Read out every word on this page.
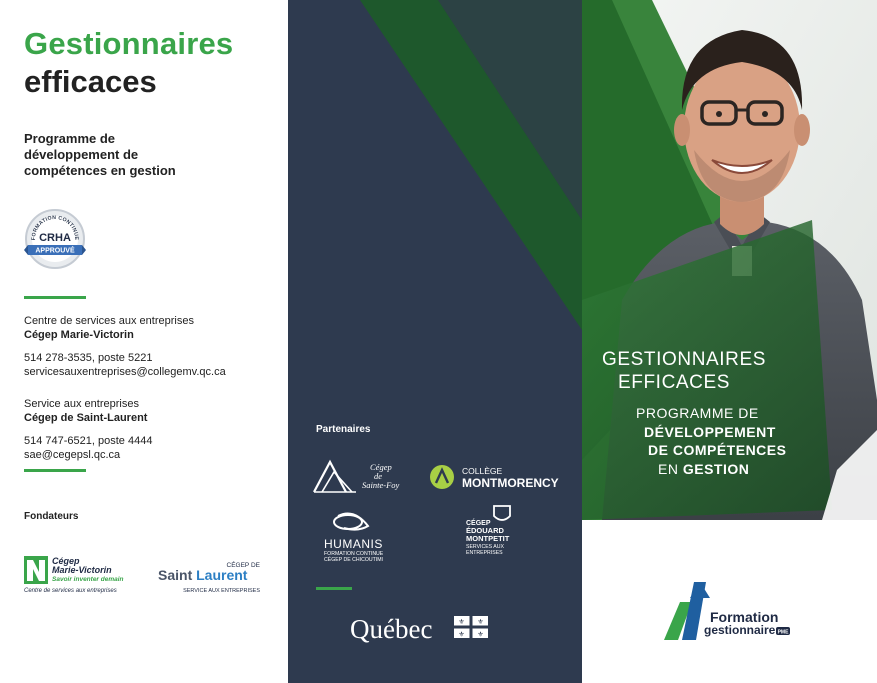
Gestionnaires
efficaces
Programme de
développement de
compétences en gestion
FORMATION CONTINUE
CRHA
APPROUVÉ
Centre de services aux entreprises
Cégep Marie-Victorin
514 278-3535, poste 5221
servicesauxentreprises@collegemv.qc.ca
Service aux entreprises
Cégep de Saint-Laurent
514 747-6521, poste 4444
sae@cegepsl.qc.ca
Fondateurs
Cégep
Marie-Victorin
Savoir inventer demain
Centre de services aux entreprises
CÉGEP DE
Saint Laurent
SERVICE AUX ENTREPRISES
Partenaires
Cégep
de
Sainte-Foy
COLLÈGE
MONTMORENCY
HUMANIS
FORMATION CONTINUE
CÉGEP DE CHICOUTIMI
CÉGEP
ÉDOUARD
MONTPETIT
SERVICES AUX
ENTREPRISES
Québec	⚜ ⚜
⚜ ⚜
GESTIONNAIRES
EFFICACES
PROGRAMME DE
DÉVELOPPEMENT
DE COMPÉTENCES
EN GESTION
Formation
gestionnaire PME
